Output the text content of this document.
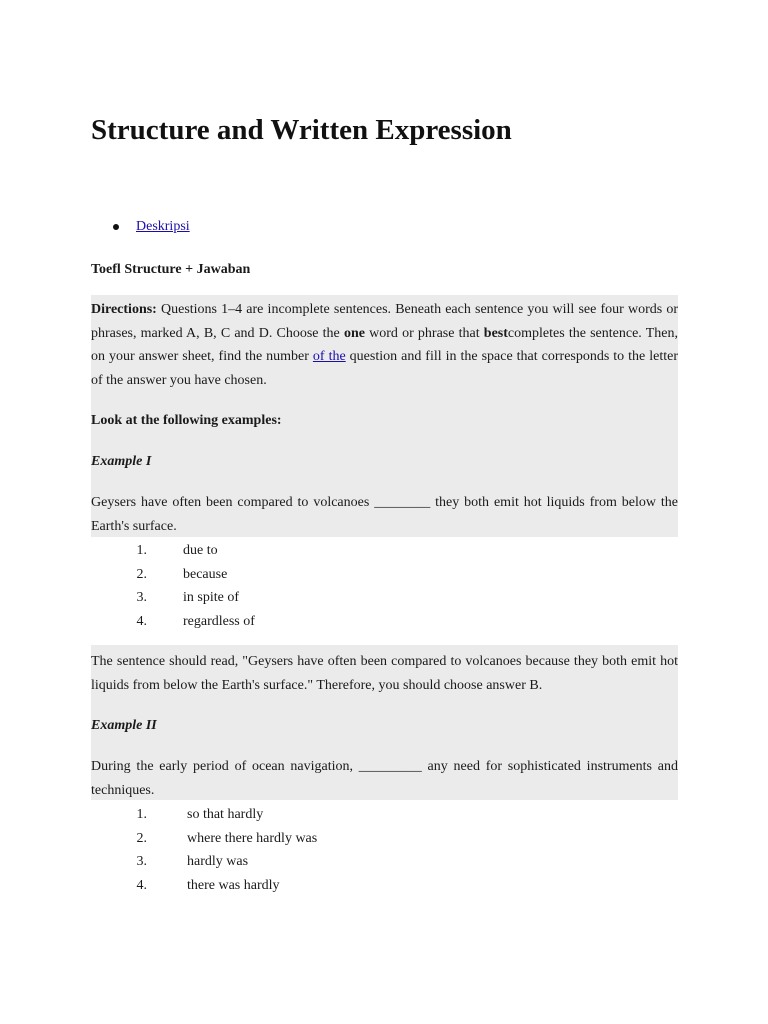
Structure and Written Expression
Deskripsi

Toefl Structure + Jawaban

Directions: Questions 1–4 are incomplete sentences. Beneath each sentence you will see four words or phrases, marked A, B, C and D. Choose the one word or phrase that bestcompletes the sentence. Then, on your answer sheet, find the number of the question and fill in the space that corresponds to the letter of the answer you have chosen.

Look at the following examples:

Example I

Geysers have often been compared to volcanoes ________ they both emit hot liquids from below the Earth's surface.

1.	due to
2.	because
3.	in spite of
4.	regardless of

The sentence should read, "Geysers have often been compared to volcanoes because they both emit hot liquids from below the Earth's surface." Therefore, you should choose answer B.

Example II

During the early period of ocean navigation, _________ any need for sophisticated instruments and techniques.

1.	so that hardly
2.	where there hardly was
3.	hardly was
4.	there was hardly
